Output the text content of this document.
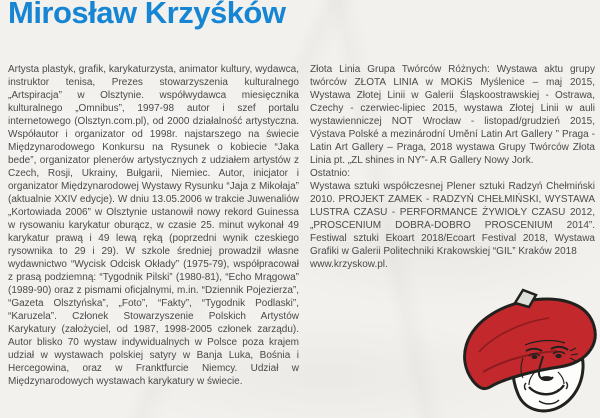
Mirosław Krzyśków

Artysta plastyk, grafik, karykaturzysta, animator kultury, wydawca, instruktor tenisa, Prezes stowarzyszenia kulturalnego „Artspiracja” w Olsztynie. współwydawca miesięcznika kulturalnego „Omnibus”, 1997-98 autor i szef portalu internetowego (Olsztyn.com.pl), od 2000 działalność artystyczna. Współautor i organizator od 1998r. najstarszego na świecie Międzynarodowego Konkursu na Rysunek o kobiecie “Jaka bede”, organizator plenerów artystycznych z udziałem artystów z Czech, Rosji, Ukrainy, Bułgarii, Niemiec. Autor, inicjator i organizator Międzynarodowej Wystawy Rysunku “Jaja z Mikołaja” (aktualnie XXIV edycje). W dniu 13.05.2006 w trakcie Juwenaliów „Kortowiada 2006” w Olsztynie ustanowił nowy rekord Guinessa w rysowaniu karykatur oburącz, w czasie 25. minut wykonał 49 karykatur prawą i 49 lewą ręką (poprzedni wynik czeskiego rysownika to 29 i 29). W szkole średniej prowadził własne wydawnictwo “Wycisk Odcisk Okłady” (1975-79), współpracował z prasą podziemną: “Tygodnik Pilski” (1980-81), “Echo Mrągowa” (1989-90) oraz z pismami oficjalnymi, m.in. “Dziennik Pojezierza”, “Gazeta Olsztyńska”, „Foto”, “Fakty”, “Tygodnik Podlaski”, “Karuzela”. Członek Stowarzyszenie Polskich Artystów Karykatury (założyciel, od 1987, 1998-2005 członek zarządu). Autor blisko 70 wystaw indywidualnych w Polsce poza krajem udział w wystawach polskiej satyry w Banja Luka, Bośnia i Hercegowina, oraz w Franktfurcie Niemcy. Udział w Międzynarodowych wystawach karykatury w świecie.

Złota Linia Grupa Twórców Różnych: Wystawa aktu grupy twórców ZŁOTA LINIA w MOKiS Myślenice – maj 2015, Wystawa Złotej Linii w Galerii Śląskoostrawskiej - Ostrawa, Czechy - czerwiec-lipiec 2015, wystawa Złotej Linii w auli wystawienniczej NOT Wrocław - listopad/grudzień 2015, Výstava Polské a mezinárodní Umění Latin Art Gallery ” Praga - Latin Art Gallery – Praga, 2018 wystawa Grupy Twórców Złota Linia pt. „ZL shines in NY”- A.R Gallery Nowy Jork.

Ostatnio:

Wystawa sztuki współczesnej Plener sztuki Radzyń Chełmiński 2010. PROJEKT ZAMEK - RADZYŃ CHEŁMIŃSKI, WYSTAWA LUSTRA CZASU - PERFORMANCE ŻYWIOŁY CZASU 2012, „PROSCENIUM DOBRA-DOBRO PROSCENIUM 2014”. Festiwal sztuki Ekoart 2018/Ecoart Festival 2018, Wystawa Grafiki w Galerii Politechniki Krakowskiej “GIL” Kraków 2018

www.krzyskow.pl.
